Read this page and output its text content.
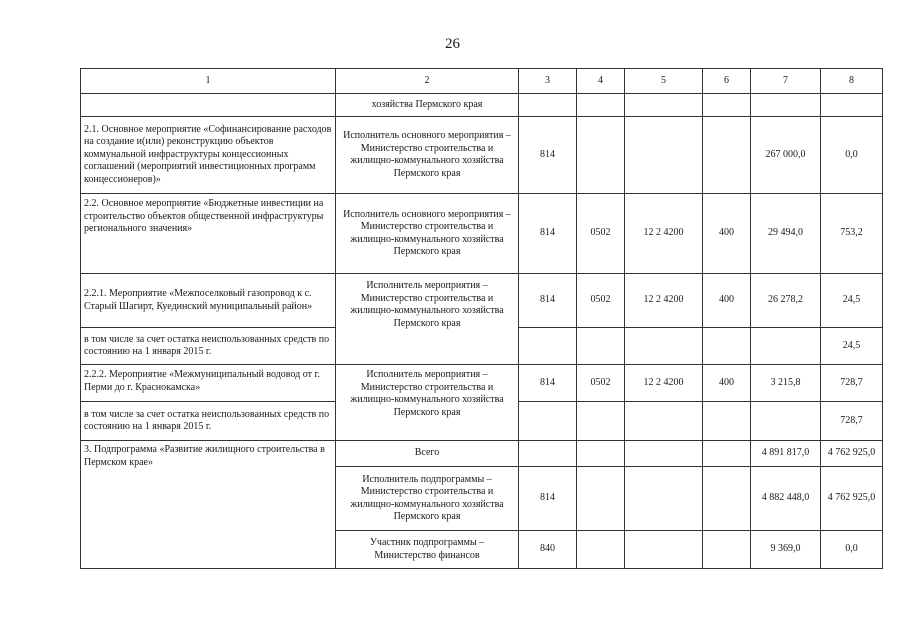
26
1	2	3	4	5	6	7	8
	хозяйства Пермского края						
2.1. Основное мероприятие «Софинансирование расходов на создание и(или) реконструкцию объектов коммунальной инфраструктуры концессионных соглашений (мероприятий инвестиционных программ концессионеров)»	Исполнитель основного мероприятия – Министерство строительства и жилищно-коммунального хозяйства Пермского края	814				267 000,0	0,0
2.2. Основное мероприятие «Бюджетные инвестиции на строительство объектов общественной инфраструктуры регионального значения»	Исполнитель основного мероприятия – Министерство строительства и жилищно-коммунального хозяйства Пермского края	814	0502	12 2 4200	400	29 494,0	753,2
2.2.1. Мероприятие «Межпоселковый газопровод к с. Старый Шагирт, Куединский муниципальный район»	Исполнитель мероприятия – Министерство строительства и жилищно-коммунального хозяйства Пермского края	814	0502	12 2 4200	400	26 278,2	24,5
в том числе за счет остатка неиспользованных средств по состоянию на 1 января 2015 г.							24,5
2.2.2. Мероприятие «Межмуниципальный водовод от г. Перми до г. Краснокамска»	Исполнитель мероприятия – Министерство строительства и жилищно-коммунального хозяйства Пермского края	814	0502	12 2 4200	400	3 215,8	728,7
в том числе за счет остатка неиспользованных средств по состоянию на 1 января 2015 г.							728,7
3. Подпрограмма «Развитие жилищного строительства в Пермском крае»	Всего					4 891 817,0	4 762 925,0
	Исполнитель подпрограммы – Министерство строительства и жилищно-коммунального хозяйства Пермского края	814				4 882 448,0	4 762 925,0
	Участник подпрограммы – Министерство финансов	840				9 369,0	0,0
